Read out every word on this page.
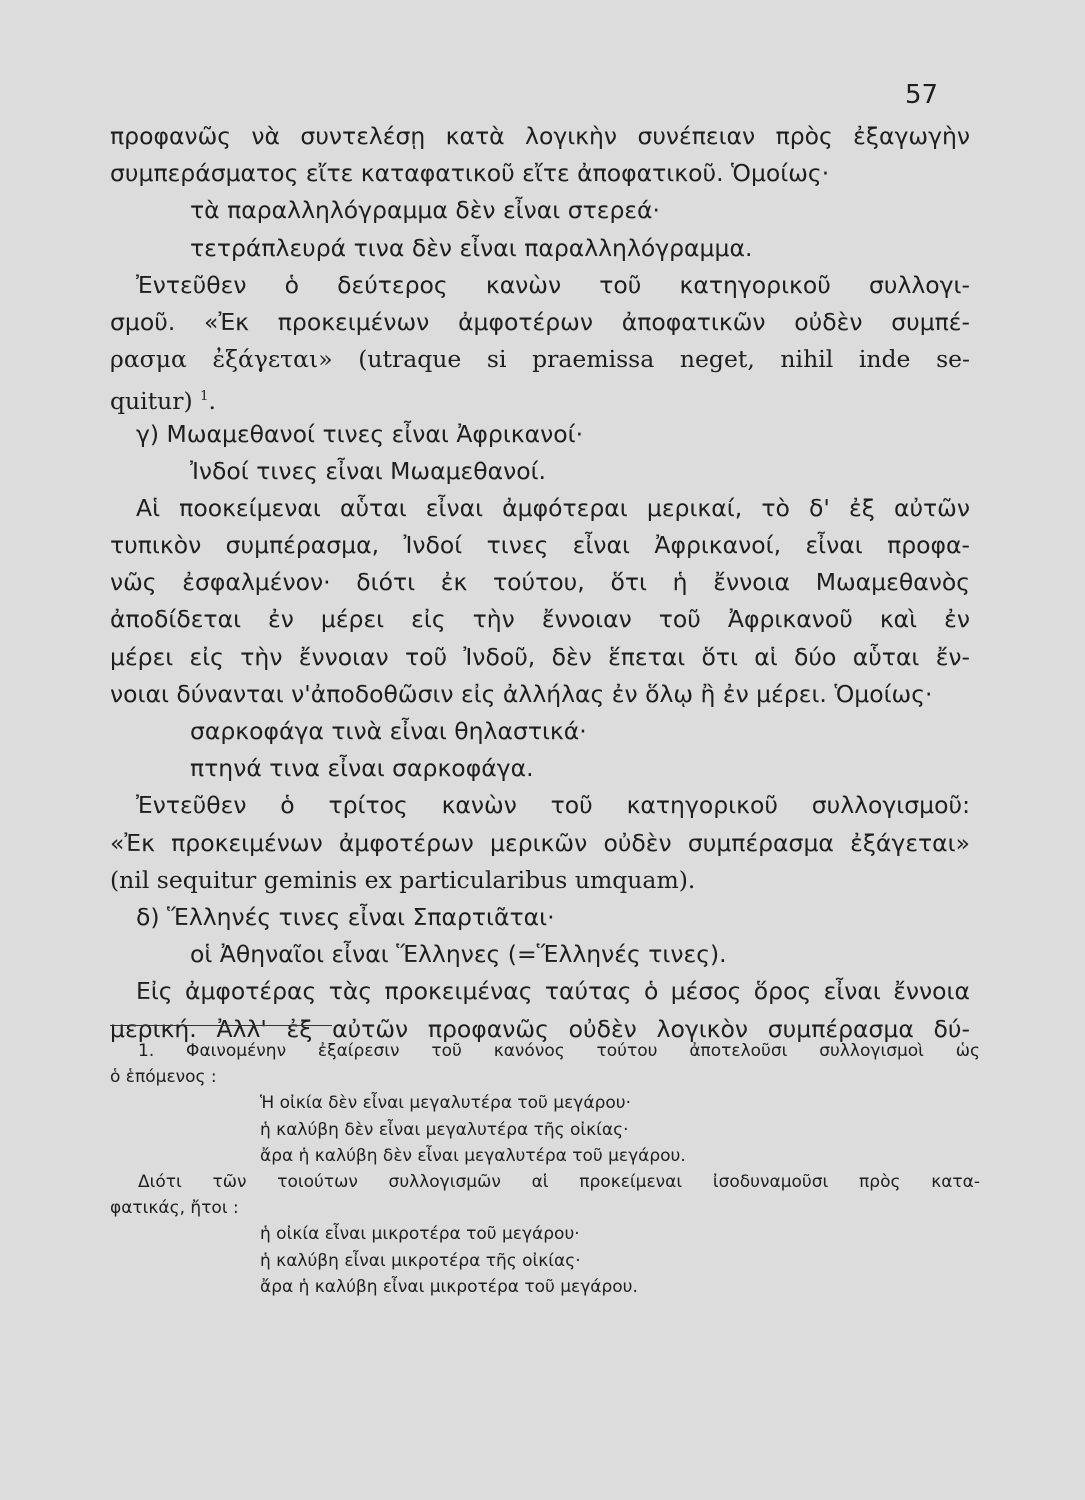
57
προφανῶς νὰ συντελέσῃ κατὰ λογικὴν συνέπειαν πρὸς ἐξαγωγὴν
συμπεράσματος εἴτε καταφατικοῦ εἴτε ἀποφατικοῦ. Ὁμοίως·
τὰ παραλληλόγραμμα δὲν εἶναι στερεά·
τετράπλευρά τινα δὲν εἶναι παραλληλόγραμμα.
Ἐντεῦθεν ὁ δεύτερος κανὼν τοῦ κατηγορικοῦ συλλογι-
σμοῦ. «Ἐκ προκειμένων ἀμφοτέρων ἀποφατικῶν οὐδὲν συμπέ-
ρασμα ἐξάγεται» (utraque si praemissa neget, nihil inde se-
quitur) $^1$.
γ) Μωαμεθανοί τινες εἶναι Ἀφρικανοί·
Ἰνδοί τινες εἶναι Μωαμεθανοί.
Αἱ ποοκείμεναι αὗται εἶναι ἀμφότεραι μερικαί, τὸ δ' ἐξ αὐτῶν
τυπικὸν συμπέρασμα, Ἰνδοί τινες εἶναι Ἀφρικανοί, εἶναι προφα-
νῶς ἐσφαλμένον· διότι ἐκ τούτου, ὅτι ἡ ἔννοια Μωαμεθανὸς
ἀποδίδεται ἐν μέρει εἰς τὴν ἔννοιαν τοῦ Ἀφρικανοῦ καὶ ἐν
μέρει εἰς τὴν ἔννοιαν τοῦ Ἰνδοῦ, δὲν ἕπεται ὅτι αἱ δύο αὗται ἔν-
νοιαι δύνανται ν'ἀποδοθῶσιν εἰς ἀλλήλας ἐν ὅλῳ ἢ ἐν μέρει. Ὁμοίως·
σαρκοφάγα τινὰ εἶναι θηλαστικά·
πτηνά τινα εἶναι σαρκοφάγα.
Ἐντεῦθεν ὁ τρίτος κανὼν τοῦ κατηγορικοῦ συλλογισμοῦ:
«Ἐκ προκειμένων ἀμφοτέρων μερικῶν οὐδὲν συμπέρασμα ἐξάγεται»
(nil sequitur geminis ex particularibus umquam).
δ) Ἕλληνές τινες εἶναι Σπαρτιᾶται·
οἱ Ἀθηναῖοι εἶναι Ἕλληνες (=Ἕλληνές τινες).
Εἰς ἀμφοτέρας τὰς προκειμένας ταύτας ὁ μέσος ὅρος εἶναι ἔννοια
μερική. Ἀλλ' ἐξ αὐτῶν προφανῶς οὐδὲν λογικὸν συμπέρασμα δύ-
1. Φαινομένην ἐξαίρεσιν τοῦ κανόνος τούτου ἀποτελοῦσι συλλογισμοὶ ὡς
ὁ ἑπόμενος :
Ἡ οἰκία δὲν εἶναι μεγαλυτέρα τοῦ μεγάρου·
ἡ καλύβη δὲν εἶναι μεγαλυτέρα τῆς οἰκίας·
ἄρα ἡ καλύβη δὲν εἶναι μεγαλυτέρα τοῦ μεγάρου.
Διότι τῶν τοιούτων συλλογισμῶν αἱ προκείμεναι ἰσοδυναμοῦσι πρὸς κατα-
φατικάς, ἤτοι :
ἡ οἰκία εἶναι μικροτέρα τοῦ μεγάρου·
ἡ καλύβη εἶναι μικροτέρα τῆς οἰκίας·
ἄρα ἡ καλύβη εἶναι μικροτέρα τοῦ μεγάρου.
